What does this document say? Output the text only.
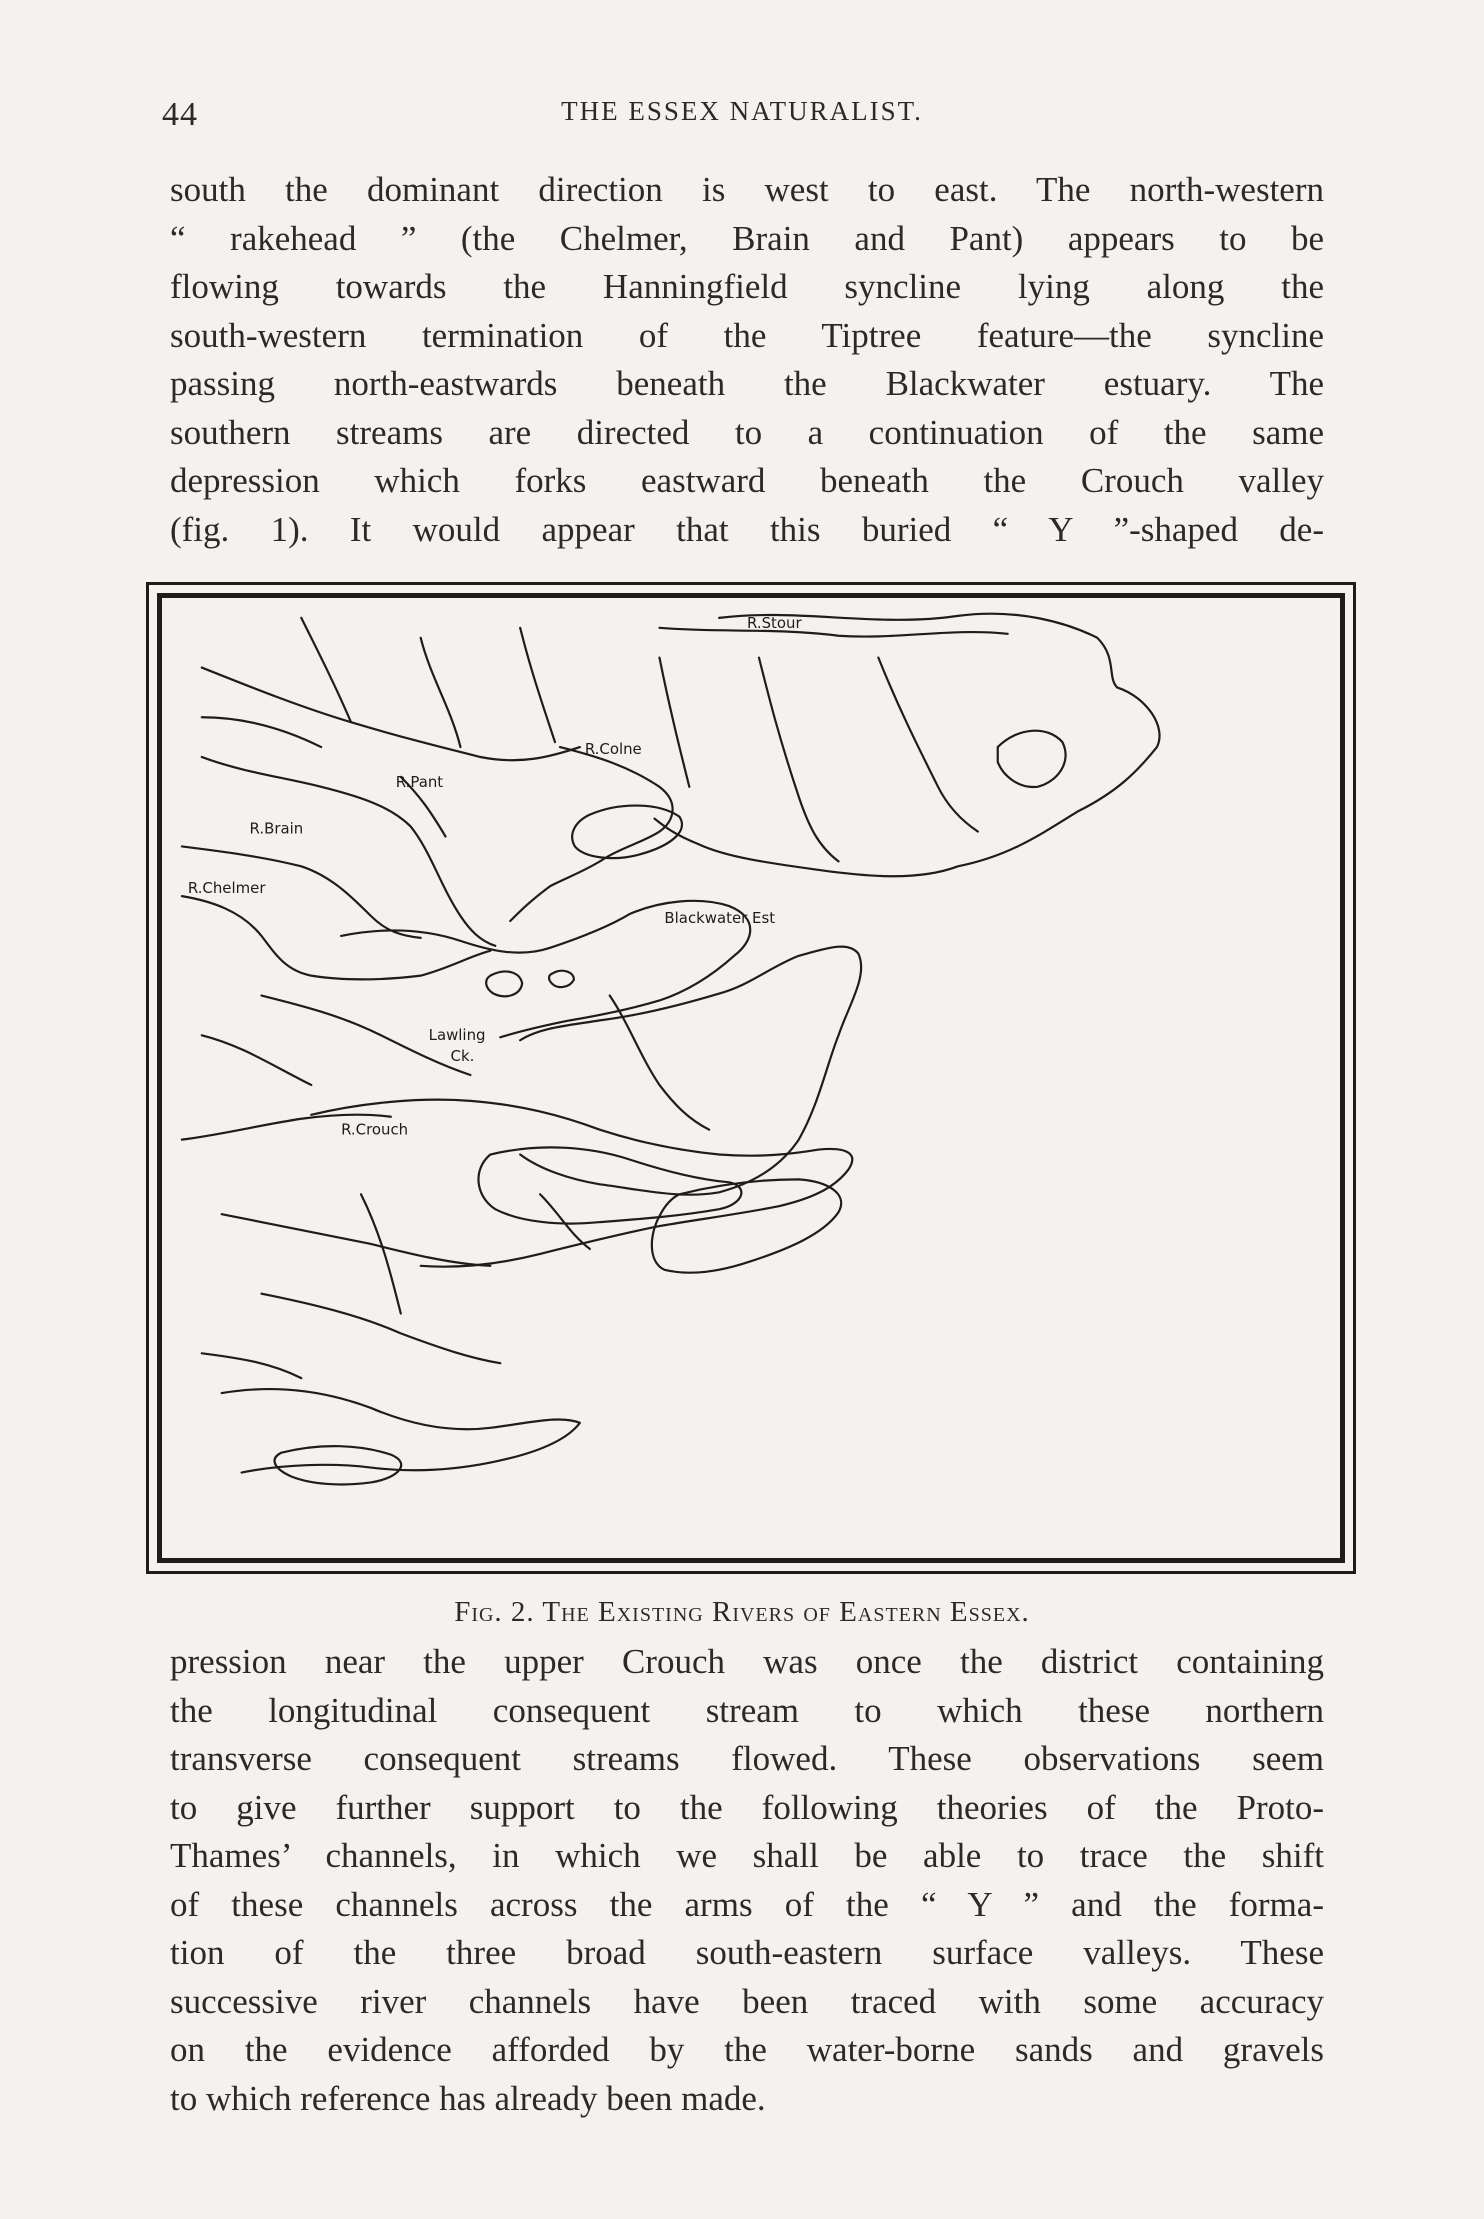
44	THE ESSEX NATURALIST.
south the dominant direction is west to east. The north-western
“ rakehead ” (the Chelmer, Brain and Pant) appears to be
flowing towards the Hanningfield syncline lying along the
south-western termination of the Tiptree feature—the syncline
passing north-eastwards beneath the Blackwater estuary. The
southern streams are directed to a continuation of the same
depression which forks eastward beneath the Crouch valley
(fig. 1). It would appear that this buried “ Y ”-shaped de-
R.Stour
R.Colne
R.Pant
R.Brain
R.Chelmer
Blackwater Est
Lawling
Ck.
R.Crouch
Fig. 2. The Existing Rivers of Eastern Essex.
pression near the upper Crouch was once the district containing
the longitudinal consequent stream to which these northern
transverse consequent streams flowed. These observations seem
to give further support to the following theories of the Proto-
Thames’ channels, in which we shall be able to trace the shift
of these channels across the arms of the “ Y ” and the forma-
tion of the three broad south-eastern surface valleys. These
successive river channels have been traced with some accuracy
on the evidence afforded by the water-borne sands and gravels
to which reference has already been made.
